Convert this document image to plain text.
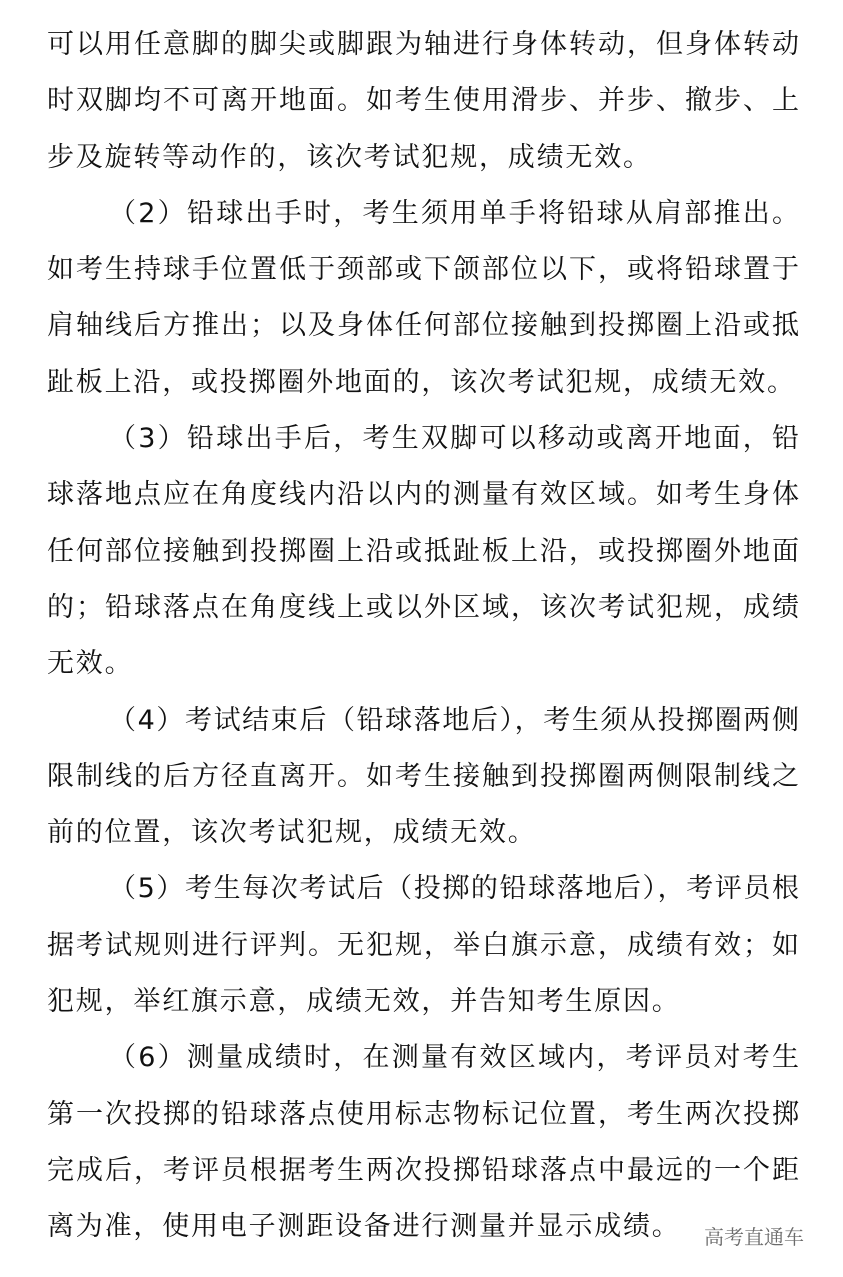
可以用任意脚的脚尖或脚跟为轴进行身体转动，但身体转动
时双脚均不可离开地面。如考生使用滑步、并步、撤步、上
步及旋转等动作的，该次考试犯规，成绩无效。
（2）铅球出手时，考生须用单手将铅球从肩部推出。
如考生持球手位置低于颈部或下颌部位以下，或将铅球置于
肩轴线后方推出；以及身体任何部位接触到投掷圈上沿或抵
趾板上沿，或投掷圈外地面的，该次考试犯规，成绩无效。
（3）铅球出手后，考生双脚可以移动或离开地面，铅
球落地点应在角度线内沿以内的测量有效区域。如考生身体
任何部位接触到投掷圈上沿或抵趾板上沿，或投掷圈外地面
的；铅球落点在角度线上或以外区域，该次考试犯规，成绩
无效。
（4）考试结束后（铅球落地后），考生须从投掷圈两侧
限制线的后方径直离开。如考生接触到投掷圈两侧限制线之
前的位置，该次考试犯规，成绩无效。
（5）考生每次考试后（投掷的铅球落地后），考评员根
据考试规则进行评判。无犯规，举白旗示意，成绩有效；如
犯规，举红旗示意，成绩无效，并告知考生原因。
（6）测量成绩时，在测量有效区域内，考评员对考生
第一次投掷的铅球落点使用标志物标记位置，考生两次投掷
完成后，考评员根据考生两次投掷铅球落点中最远的一个距
离为准，使用电子测距设备进行测量并显示成绩。	高考直通车
